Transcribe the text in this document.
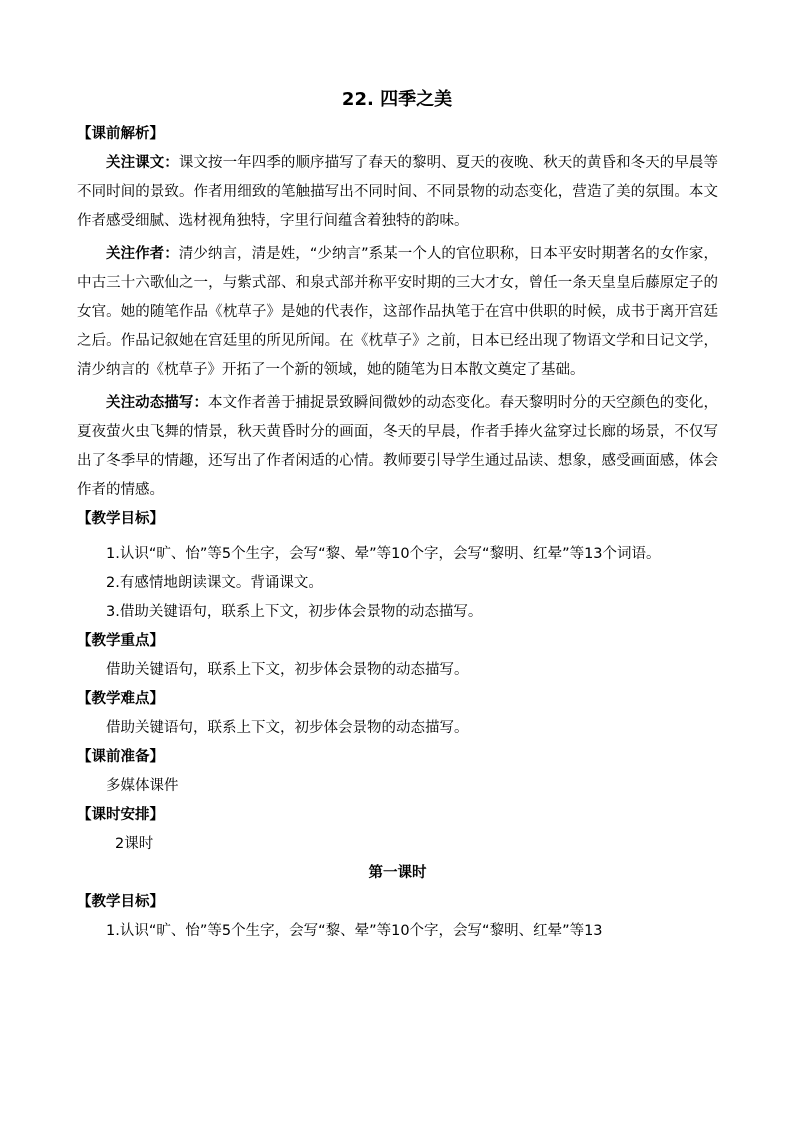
22. 四季之美

【课前解析】

关注课文：课文按一年四季的顺序描写了春天的黎明、夏天的夜晚、秋天的黄昏和冬天的早晨等不同时间的景致。作者用细致的笔触描写出不同时间、不同景物的动态变化，营造了美的氛围。本文作者感受细腻、选材视角独特，字里行间蕴含着独特的韵味。

关注作者：清少纳言，清是姓，“少纳言”系某一个人的官位职称，日本平安时期著名的女作家，中古三十六歌仙之一，与紫式部、和泉式部并称平安时期的三大才女，曾任一条天皇皇后藤原定子的女官。她的随笔作品《枕草子》是她的代表作，这部作品执笔于在宫中供职的时候，成书于离开宫廷之后。作品记叙她在宫廷里的所见所闻。在《枕草子》之前，日本已经出现了物语文学和日记文学，清少纳言的《枕草子》开拓了一个新的领域，她的随笔为日本散文奠定了基础。

关注动态描写：本文作者善于捕捉景致瞬间微妙的动态变化。春天黎明时分的天空颜色的变化，夏夜萤火虫飞舞的情景，秋天黄昏时分的画面，冬天的早晨，作者手捧火盆穿过长廊的场景，不仅写出了冬季早的情趣，还写出了作者闲适的心情。教师要引导学生通过品读、想象，感受画面感，体会作者的情感。

【教学目标】

1.认识“旷、怡”等5个生字，会写“黎、晕”等10个字，会写“黎明、红晕”等13个词语。

2.有感情地朗读课文。背诵课文。

3.借助关键语句，联系上下文，初步体会景物的动态描写。

【教学重点】

借助关键语句，联系上下文，初步体会景物的动态描写。

【教学难点】

借助关键语句，联系上下文，初步体会景物的动态描写。

【课前准备】

多媒体课件

【课时安排】

2课时

第一课时

【教学目标】

1.认识“旷、怡”等5个生字，会写“黎、晕”等10个字，会写“黎明、红晕”等13
